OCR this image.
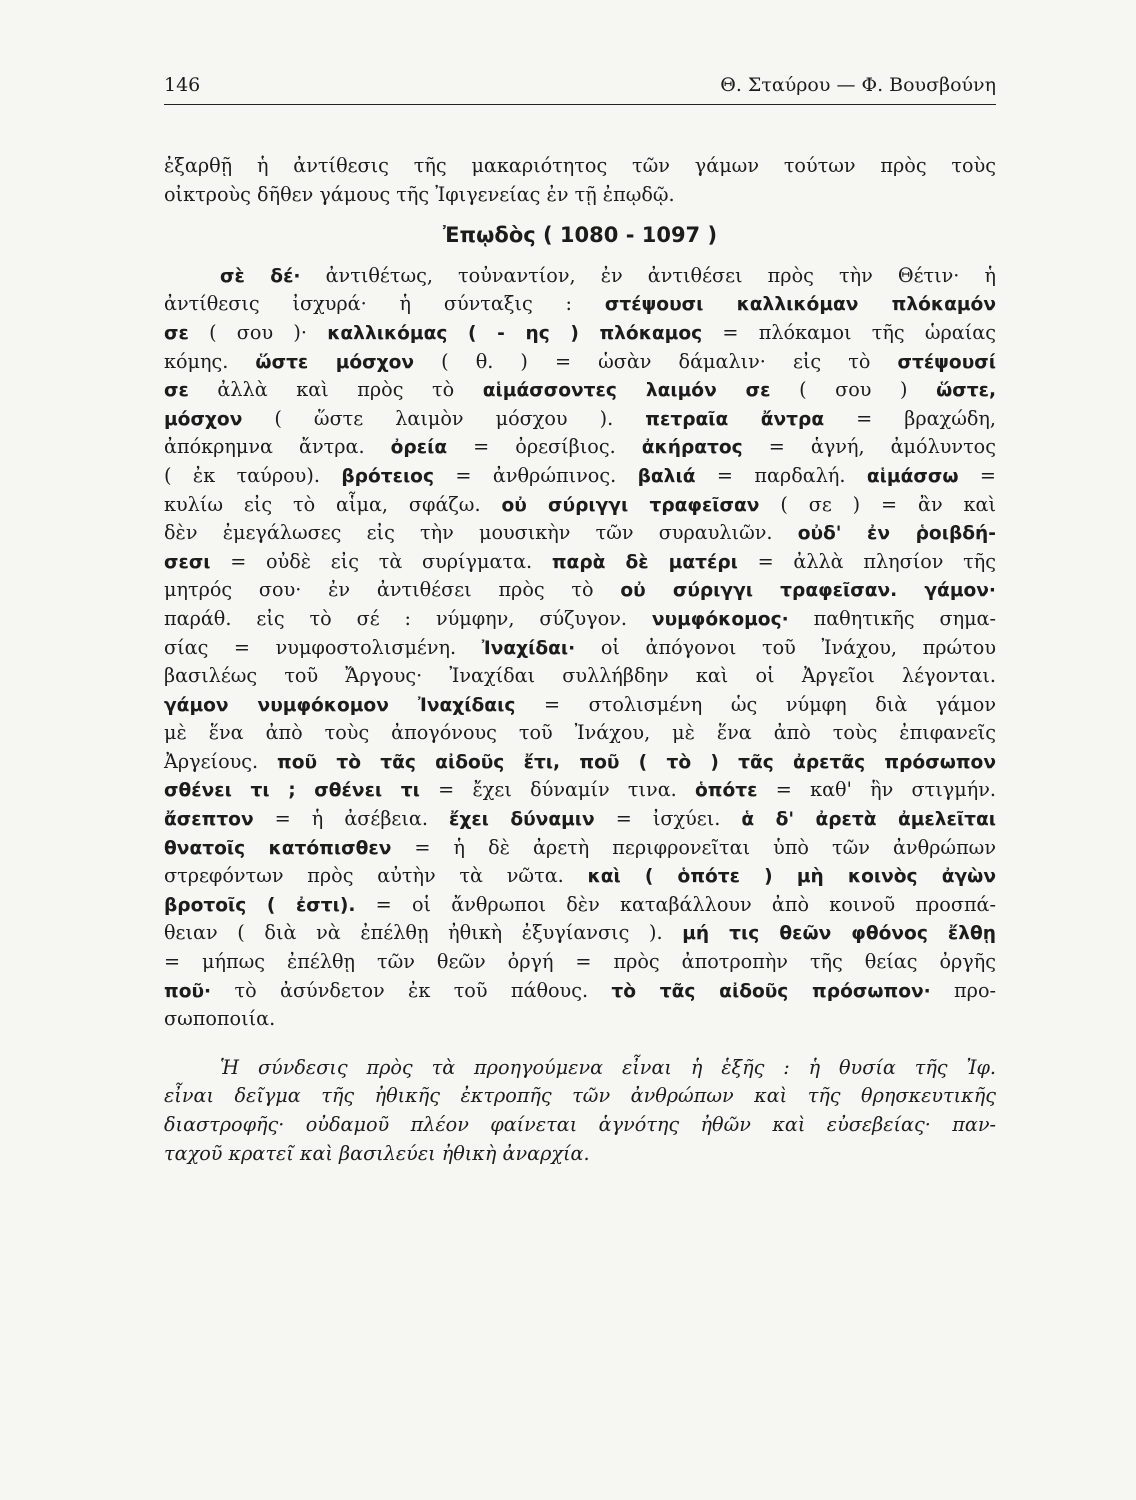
146	Θ. Σταύρου — Φ. Βουσβούνη
ἐξαρθῇ ἡ ἀντίθεσις τῆς μακαριότητος τῶν γάμων τούτων πρὸς τοὺς
οἰκτροὺς δῆθεν γάμους τῆς Ἰφιγενείας ἐν τῇ ἐπῳδῷ.
Ἐπῳδὸς ( 1080 - 1097 )
σὲ δέ· ἀντιθέτως, τοὐναντίον, ἐν ἀντιθέσει πρὸς τὴν Θέτιν· ἡ
ἀντίθεσις ἰσχυρά· ἡ σύνταξις : στέψουσι καλλικόμαν πλόκαμόν
σε ( σου )· καλλικόμας ( - ης ) πλόκαμος = πλόκαμοι τῆς ὡραίας
κόμης. ὥστε μόσχον ( θ. ) = ὡσὰν δάμαλιν· εἰς τὸ στέψουσί
σε ἀλλὰ καὶ πρὸς τὸ αἱμάσσοντες λαιμόν σε ( σου ) ὥστε,
μόσχον ( ὥστε λαιμὸν μόσχου ). πετραῖα ἄντρα = βραχώδη,
ἀπόκρημνα ἄντρα. ὀρεία = ὀρεσίβιος. ἀκήρατος = ἁγνή, ἀμόλυντος
( ἐκ ταύρου). βρότειος = ἀνθρώπινος. βαλιά = παρδαλή. αἱμάσσω =
κυλίω εἰς τὸ αἷμα, σφάζω. οὐ σύριγγι τραφεῖσαν ( σε ) = ἂν καὶ
δὲν ἐμεγάλωσες εἰς τὴν μουσικὴν τῶν συραυλιῶν. οὐδ' ἐν ῥοιβδή-
σεσι = οὐδὲ εἰς τὰ συρίγματα. παρὰ δὲ ματέρι = ἀλλὰ πλησίον τῆς
μητρός σου· ἐν ἀντιθέσει πρὸς τὸ οὐ σύριγγι τραφεῖσαν. γάμον·
παράθ. εἰς τὸ σέ : νύμφην, σύζυγον. νυμφόκομος· παθητικῆς σημα-
σίας = νυμφοστολισμένη. Ἰναχίδαι· οἱ ἀπόγονοι τοῦ Ἰνάχου, πρώτου
βασιλέως τοῦ Ἄργους· Ἰναχίδαι συλλήβδην καὶ οἱ Ἀργεῖοι λέγονται.
γάμον νυμφόκομον Ἰναχίδαις = στολισμένη ὡς νύμφη διὰ γάμον
μὲ ἕνα ἀπὸ τοὺς ἀπογόνους τοῦ Ἰνάχου, μὲ ἕνα ἀπὸ τοὺς ἐπιφανεῖς
Ἀργείους. ποῦ τὸ τᾶς αἰδοῦς ἔτι, ποῦ ( τὸ ) τᾶς ἀρετᾶς πρόσωπον
σθένει τι ; σθένει τι = ἔχει δύναμίν τινα. ὁπότε = καθ' ἣν στιγμήν.
ἄσεπτον = ἡ ἀσέβεια. ἔχει δύναμιν = ἰσχύει. ἁ δ' ἀρετὰ ἀμελεῖται
θνατοῖς κατόπισθεν = ἡ δὲ ἀρετὴ περιφρονεῖται ὑπὸ τῶν ἀνθρώπων
στρεφόντων πρὸς αὐτὴν τὰ νῶτα. καὶ ( ὁπότε ) μὴ κοινὸς ἀγὼν
βροτοῖς ( ἐστι). = οἱ ἄνθρωποι δὲν καταβάλλουν ἀπὸ κοινοῦ προσπά-
θειαν ( διὰ νὰ ἐπέλθῃ ἠθικὴ ἐξυγίανσις ). μή τις θεῶν φθόνος ἔλθῃ
= μήπως ἐπέλθῃ τῶν θεῶν ὀργή = πρὸς ἀποτροπὴν τῆς θείας ὀργῆς
ποῦ· τὸ ἀσύνδετον ἐκ τοῦ πάθους. τὸ τᾶς αἰδοῦς πρόσωπον· προ-
σωποποιία.
Ἡ σύνδεσις πρὸς τὰ προηγούμενα εἶναι ἡ ἑξῆς : ἡ θυσία τῆς Ἰφ.
εἶναι δεῖγμα τῆς ἠθικῆς ἐκτροπῆς τῶν ἀνθρώπων καὶ τῆς θρησκευτικῆς
διαστροφῆς· οὐδαμοῦ πλέον φαίνεται ἁγνότης ἠθῶν καὶ εὐσεβείας· παν-
ταχοῦ κρατεῖ καὶ βασιλεύει ἠθικὴ ἀναρχία.
